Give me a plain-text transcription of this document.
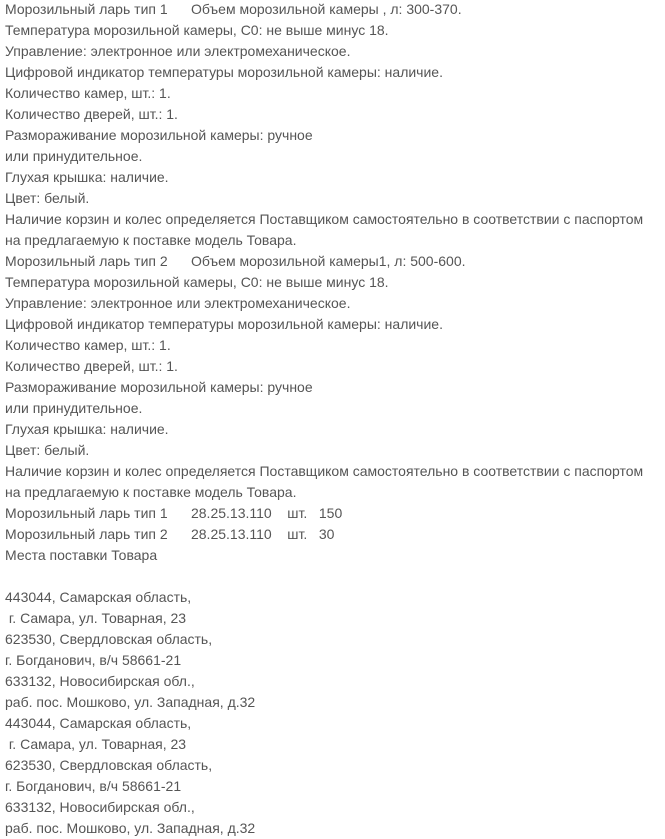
Морозильный ларь тип 1      Объем морозильной камеры , л: 300-370.
Температура морозильной камеры, С0: не выше минус 18.
Управление: электронное или электромеханическое.
Цифровой индикатор температуры морозильной камеры: наличие.
Количество камер, шт.: 1.
Количество дверей, шт.: 1.
Размораживание морозильной камеры: ручное
или принудительное.
Глухая крышка: наличие.
Цвет: белый.
Наличие корзин и колес определяется Поставщиком самостоятельно в соответствии с паспортом
на предлагаемую к поставке модель Товара.
Морозильный ларь тип 2      Объем морозильной камеры1, л: 500-600.
Температура морозильной камеры, С0: не выше минус 18.
Управление: электронное или электромеханическое.
Цифровой индикатор температуры морозильной камеры: наличие.
Количество камер, шт.: 1.
Количество дверей, шт.: 1.
Размораживание морозильной камеры: ручное
или принудительное.
Глухая крышка: наличие.
Цвет: белый.
Наличие корзин и колес определяется Поставщиком самостоятельно в соответствии с паспортом
на предлагаемую к поставке модель Товара.
Морозильный ларь тип 1      28.25.13.110    шт.   150
Морозильный ларь тип 2      28.25.13.110    шт.   30
Места поставки Товара
443044, Самарская область,
г. Самара, ул. Товарная, 23
623530, Свердловская область,
г. Богданович, в/ч 58661-21
633132, Новосибирская обл.,
раб. пос. Мошково, ул. Западная, д.32
443044, Самарская область,
г. Самара, ул. Товарная, 23
623530, Свердловская область,
г. Богданович, в/ч 58661-21
633132, Новосибирская обл.,
раб. пос. Мошково, ул. Западная, д.32
